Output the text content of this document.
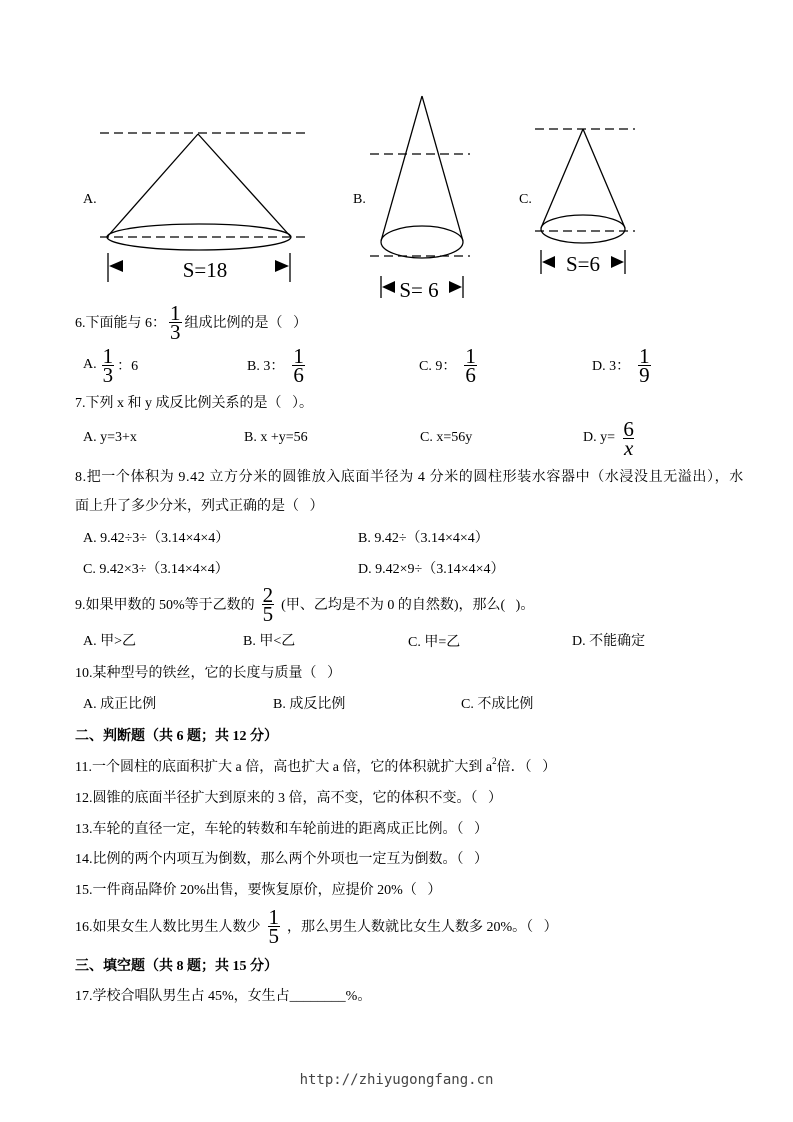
S=18
S= 6
S=6
A.	B.	C.
6.下面能与 6： $\frac{1}{3}$ 组成比例的是（   ）
A. $\frac{1}{3}$ ：6	B. 3： $\frac{1}{6}$	C. 9： $\frac{1}{6}$	D. 3： $\frac{1}{9}$
7.下列 x 和 y 成反比例关系的是（   ）。
A. y=3+x	B. x +y=56	C. x=56y	D. $y= \frac{6}{x}$
8.把一个体积为 9.42 立方分米的圆锥放入底面半径为 4 分米的圆柱形装水容器中（水浸没且无溢出），水
面上升了多少分米，列式正确的是（   ）
A. 9.42÷3÷（3.14×4×4）	B. 9.42÷（3.14×4×4）
C. 9.42×3÷（3.14×4×4）	D. 9.42×9÷（3.14×4×4）
9.如果甲数的 50%等于乙数的 $\frac{2}{5}$ (甲、乙均是不为 0 的自然数)，那么(   )。
A. 甲>乙	B. 甲<乙	C. 甲=乙	D. 不能确定
10.某种型号的铁丝，它的长度与质量（   ）
A. 成正比例	B. 成反比例	C. 不成比例
二、判断题（共 6 题；共 12 分）
11.一个圆柱的底面积扩大 a 倍，高也扩大 a 倍，它的体积就扩大到 a 2 倍．（   ）
12.圆锥的底面半径扩大到原来的 3 倍，高不变，它的体积不变。（   ）
13.车轮的直径一定，车轮的转数和车轮前进的距离成正比例。（   ）
14.比例的两个内项互为倒数，那么两个外项也一定互为倒数。（   ）
15.一件商品降价 20%出售，要恢复原价，应提价 20%（   ）
16.如果女生人数比男生人数少 $\frac{1}{5}$ ，那么男生人数就比女生人数多 20%。（   ）
三、填空题（共 8 题；共 15 分）
17.学校合唱队男生占 45%，女生占________%。
http://zhiyugongfang.cn
